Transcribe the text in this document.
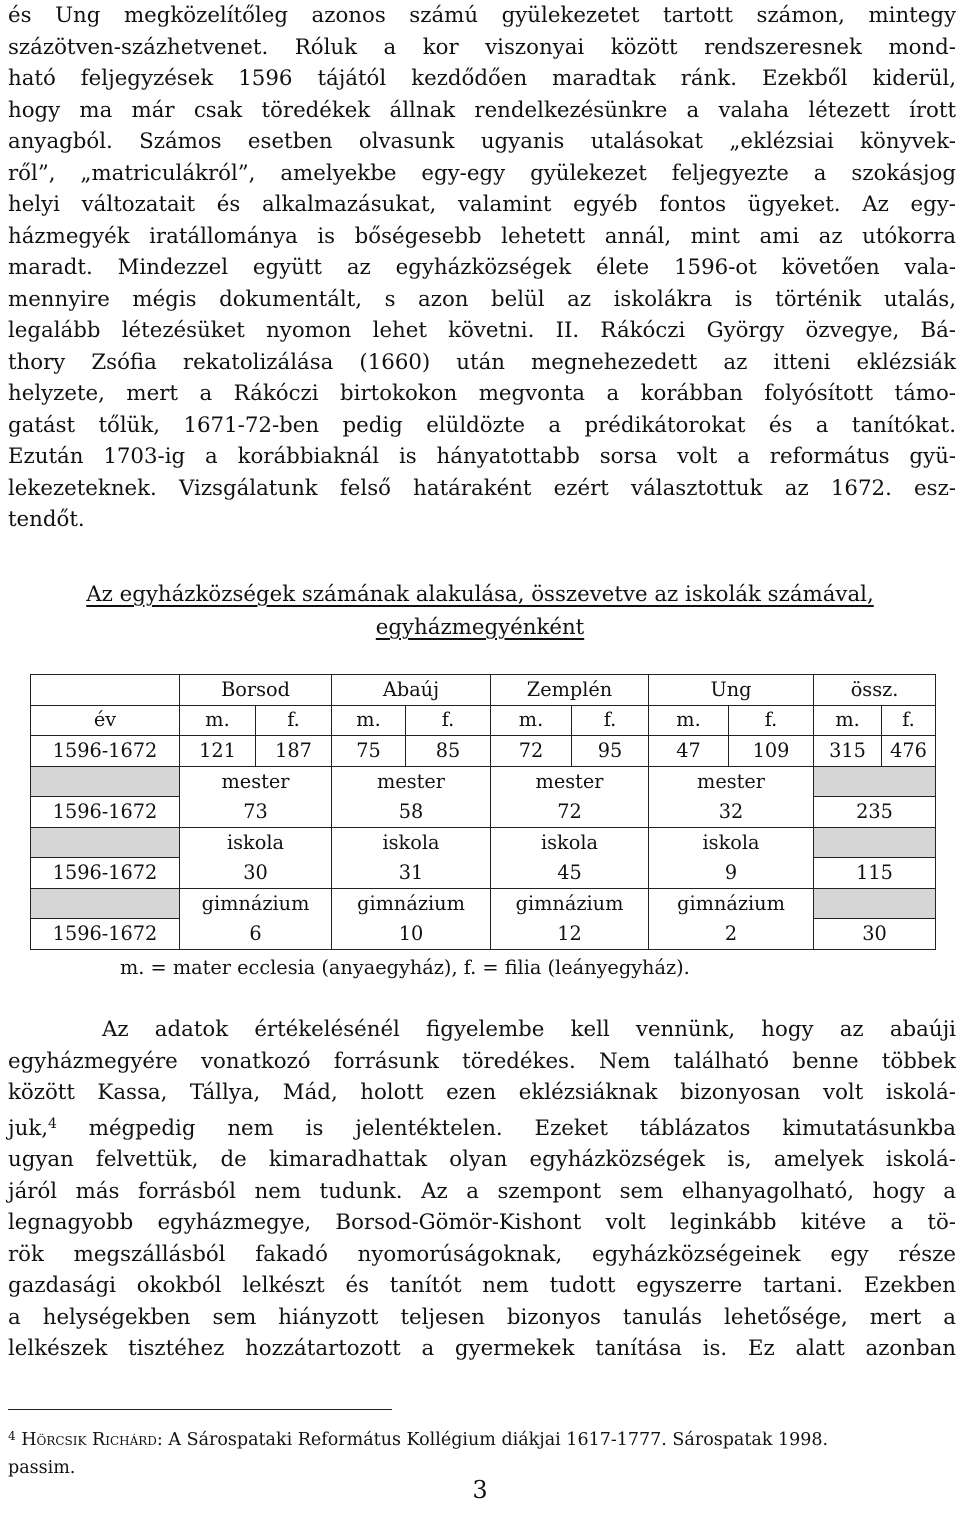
és Ung megközelítőleg azonos számú gyülekezetet tartott számon, mintegy
százötven-százhetvenet. Róluk a kor viszonyai között rendszeresnek mond-
ható feljegyzések 1596 tájától kezdődően maradtak ránk. Ezekből kiderül,
hogy ma már csak töredékek állnak rendelkezésünkre a valaha létezett írott
anyagból. Számos esetben olvasunk ugyanis utalásokat „eklézsiai könyvek-
ről”, „matriculákról”, amelyekbe egy-egy gyülekezet feljegyezte a szokásjog
helyi változatait és alkalmazásukat, valamint egyéb fontos ügyeket. Az egy-
házmegyék iratállománya is bőségesebb lehetett annál, mint ami az utókorra
maradt. Mindezzel együtt az egyházközségek élete 1596-ot követően vala-
mennyire mégis dokumentált, s azon belül az iskolákra is történik utalás,
legalább létezésüket nyomon lehet követni. II. Rákóczi György özvegye, Bá-
thory Zsófia rekatolizálása (1660) után megnehezedett az itteni eklézsiák
helyzete, mert a Rákóczi birtokokon megvonta a korábban folyósított támo-
gatást tőlük, 1671-72-ben pedig elüldözte a prédikátorokat és a tanítókat.
Ezután 1703-ig a korábbiaknál is hányatottabb sorsa volt a református gyü-
lekezeteknek. Vizsgálatunk felső határaként ezért választottuk az 1672. esz-
tendőt.

Az egyházközségek számának alakulása, összevetve az iskolák számával,
egyházmegyénként

	Borsod		Abaúj		Zemplén		Ung		össz.	
év	m.	f.	m.	f.	m.	f.	m.	f.	m.	f.
1596-1672	121	187	75	85	72	95	47	109	315	476
	mester		mester		mester		mester			
1596-1672	73		58		72		32		235	
	iskola		iskola		iskola		iskola			
1596-1672	30		31		45		9		115	
	gimnázium		gimnázium		gimnázium		gimnázium			
1596-1672	6		10		12		2		30	

m. = mater ecclesia (anyaegyház), f. = filia (leányegyház).

Az adatok értékelésénél figyelembe kell vennünk, hogy az abaúji
egyházmegyére vonatkozó forrásunk töredékes. Nem található benne többek
között Kassa, Tállya, Mád, holott ezen eklézsiáknak bizonyosan volt iskolá-
juk,$^4$ mégpedig nem is jelentéktelen. Ezeket táblázatos kimutatásunkba
ugyan felvettük, de kimaradhattak olyan egyházközségek is, amelyek iskolá-
járól más forrásból nem tudunk. Az a szempont sem elhanyagolható, hogy a
legnagyobb egyházmegye, Borsod-Gömör-Kishont volt leginkább kitéve a tö-
rök megszállásból fakadó nyomorúságoknak, egyházközségeinek egy része
gazdasági okokból lelkészt és tanítót nem tudott egyszerre tartani. Ezekben
a helységekben sem hiányzott teljesen bizonyos tanulás lehetősége, mert a
lelkészek tisztéhez hozzátartozott a gyermekek tanítása is. Ez alatt azonban

$^4$ Hörcsik Richárd: A Sárospataki Református Kollégium diákjai 1617-1777. Sárospatak 1998.
passim.

3
